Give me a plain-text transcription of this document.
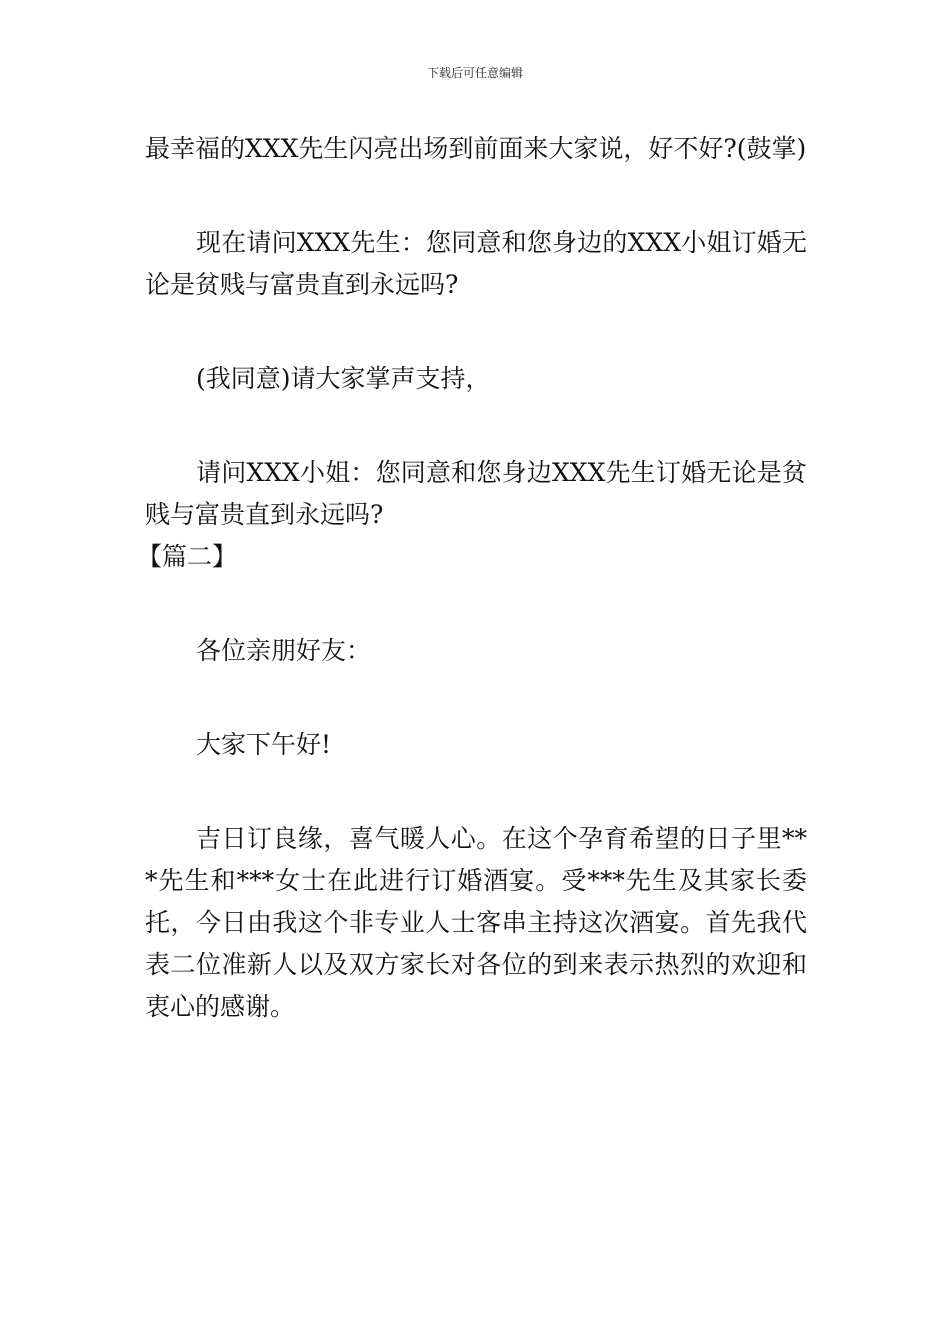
下载后可任意编辑

最幸福的XXX先生闪亮出场到前面来大家说，好不好?(鼓掌)

现在请问XXX先生：您同意和您身边的XXX小姐订婚无论是贫贱与富贵直到永远吗?

(我同意)请大家掌声支持，

请问XXX小姐：您同意和您身边XXX先生订婚无论是贫贱与富贵直到永远吗?

【篇二】

各位亲朋好友：

大家下午好!

吉日订良缘，喜气暖人心。在这个孕育希望的日子里***先生和***女士在此进行订婚酒宴。受***先生及其家长委托，今日由我这个非专业人士客串主持这次酒宴。首先我代表二位准新人以及双方家长对各位的到来表示热烈的欢迎和衷心的感谢。
